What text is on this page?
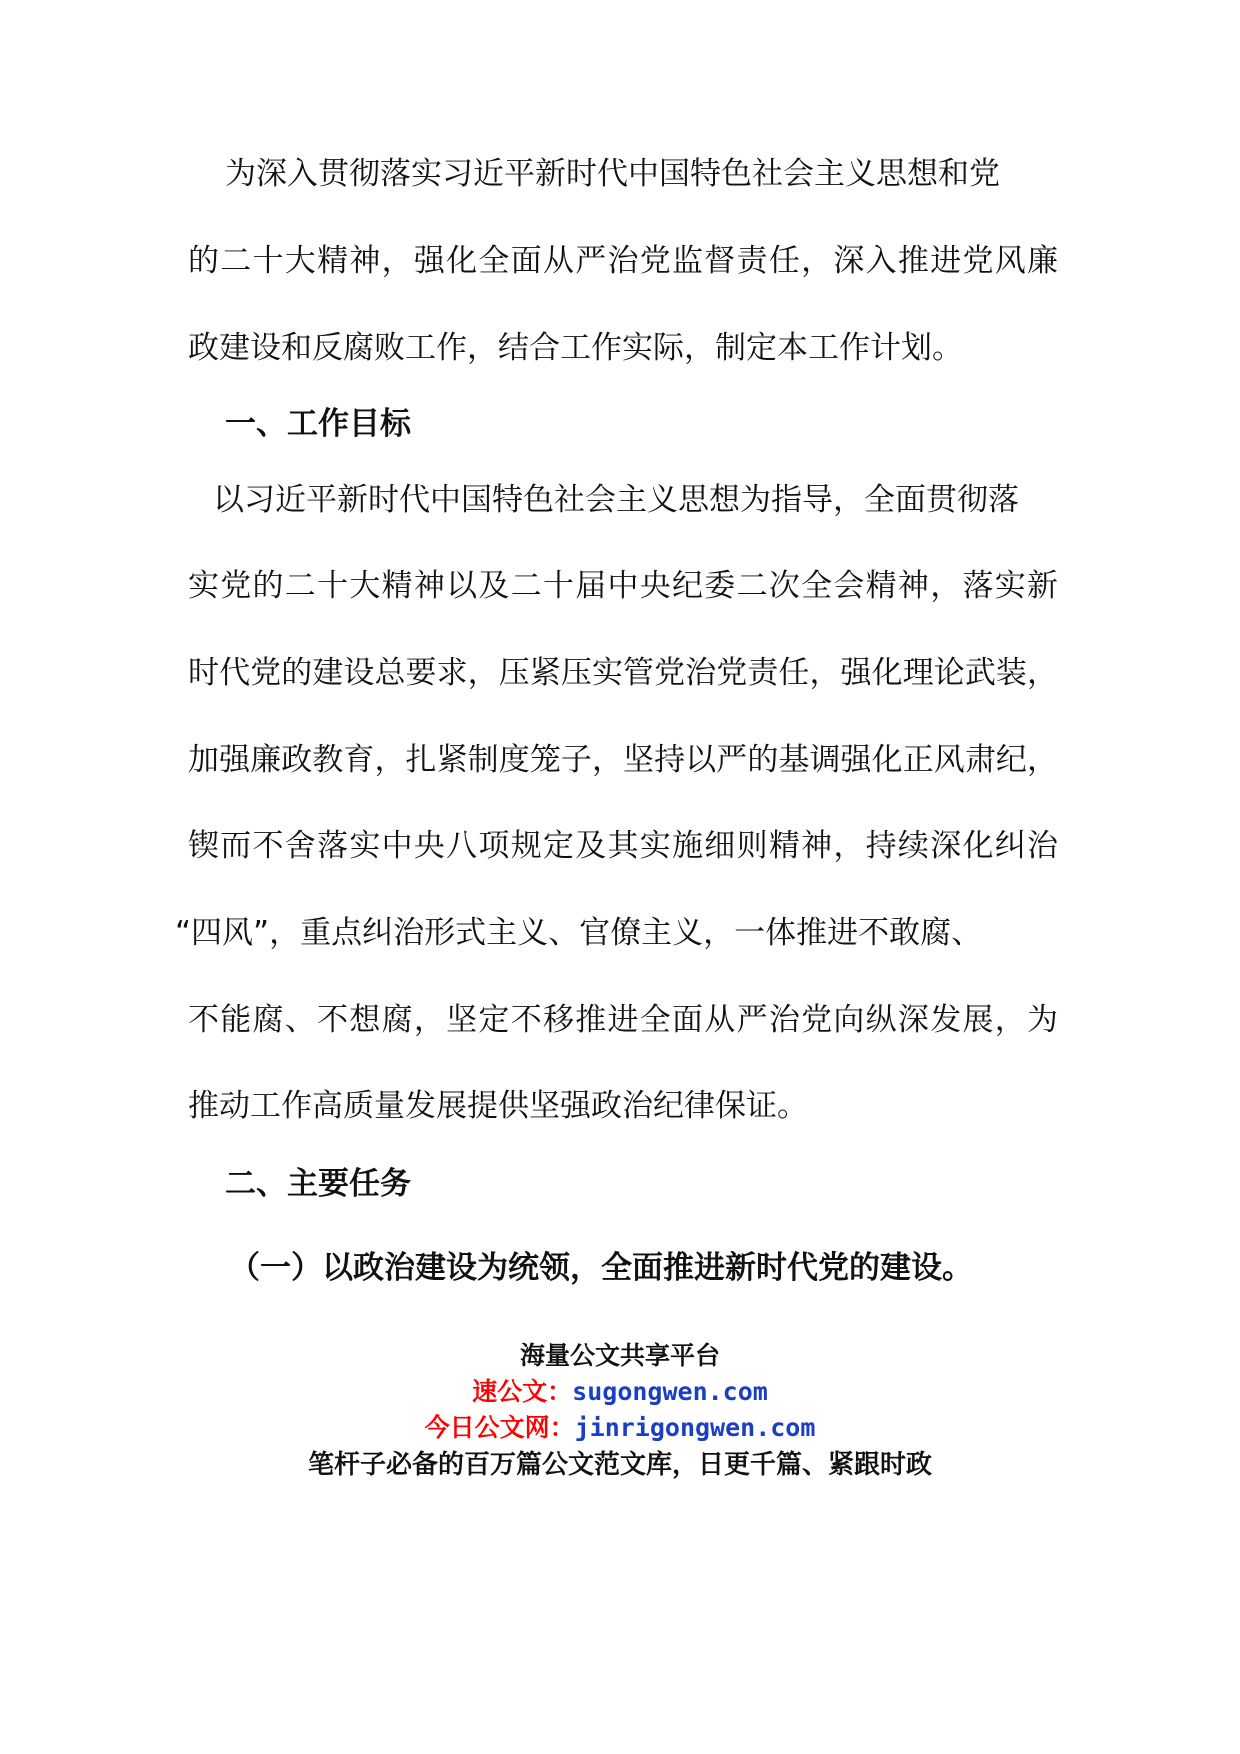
为深入贯彻落实习近平新时代中国特色社会主义思想和党
的二十大精神，强化全面从严治党监督责任，深入推进党风廉
政建设和反腐败工作，结合工作实际，制定本工作计划。
一、工作目标
以习近平新时代中国特色社会主义思想为指导，全面贯彻落
实党的二十大精神以及二十届中央纪委二次全会精神，落实新
时代党的建设总要求，压紧压实管党治党责任，强化理论武装，
加强廉政教育，扎紧制度笼子，坚持以严的基调强化正风肃纪，
锲而不舍落实中央八项规定及其实施细则精神，持续深化纠治
“四风”，重点纠治形式主义、官僚主义，一体推进不敢腐、
不能腐、不想腐，坚定不移推进全面从严治党向纵深发展，为
推动工作高质量发展提供坚强政治纪律保证。
二、主要任务
（一）以政治建设为统领，全面推进新时代党的建设。
海量公文共享平台
速公文：sugongwen.com
今日公文网：jinrigongwen.com
笔杆子必备的百万篇公文范文库，日更千篇、紧跟时政
